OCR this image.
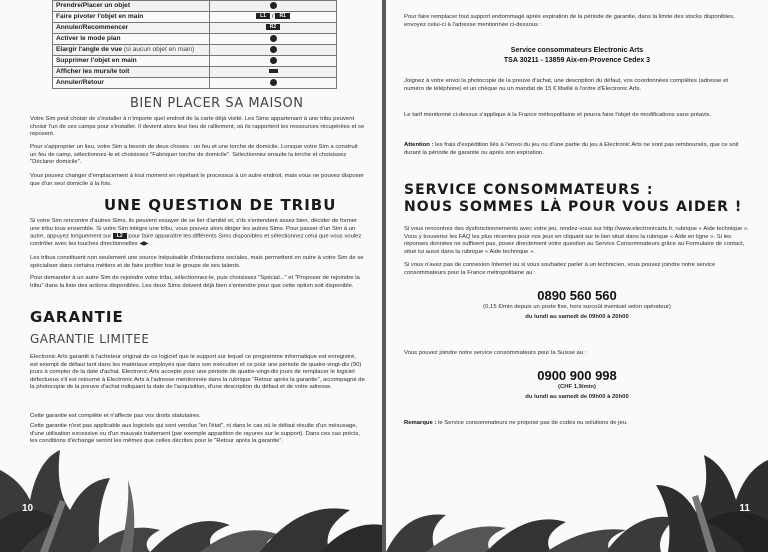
Prendre/Placer un objet	
Faire pivoter l'objet en main	L1 / R1
Annuler/Recommencer	R2
Activer le mode plan	
Elargir l'angle de vue (si aucun objet en main)	
Supprimer l'objet en main	
Afficher les murs/le toit	
Annuler/Retour	
BIEN PLACER SA MAISON

Votre Sim peut choisir de s'installer à n'importe quel endroit de la carte déjà visité. Les Sims appartenant à une tribu peuvent choisir l'un de ces camps pour s'installer. Il devient alors leur lieu de ralliement, où ils rapportent les ressources récupérées et se reposent.

Pour s'approprier un lieu, votre Sim a besoin de deux choses : un feu et une torche de domicile. Lorsque votre Sim a construit un feu de camp, sélectionnez-le et choisissez "Fabriquer torche de domicile". Sélectionnez ensuite la torche et choisissez "Déclarer domicile".

Vous pouvez changer d'emplacement à tout moment en répétant le processus à un autre endroit, mais vous ne pouvez disposer que d'un seul domicile à la fois.

UNE QUESTION DE TRIBU

Si votre Sim rencontre d'autres Sims, ils peuvent essayer de se lier d'amitié et, s'ils s'entendent assez bien, décider de former une tribu tous ensemble. Si votre Sim intègre une tribu, vous pouvez alors diriger les autres Sims. Pour passer d'un Sim à un autre, appuyez longuement sur L2 pour faire apparaître les différents Sims disponibles et sélectionnez celui que vous voulez contrôler avec les touches directionnelles ◀▶.

Les tribus constituent non seulement une source inépuisable d'interactions sociales, mais permettent en outre à votre Sim de se spécialiser dans certains métiers et de faire profiter tout le groupe de ses talents.

Pour demander à un autre Sim de rejoindre votre tribu, sélectionnez-le, puis choisissez "Spécial..." et "Proposer de rejoindre la tribu" dans la liste des actions disponibles. Les deux Sims doivent déjà bien s'entendre pour que cette option soit disponible.

GARANTIE
GARANTIE LIMITEE

Electronic Arts garantit à l'acheteur original de ce logiciel que le support sur lequel ce programme informatique est enregistré, est exempt de défaut tant dans les matériaux employés que dans son exécution et ce pour une période de quatre-vingt-dix (90) jours à compter de la date d'achat. Electronic Arts accepte pour une période de quatre-vingt-dix jours de remplacer le logiciel défectueux s'il est retourné à Electronic Arts à l'adresse mentionnée dans la rubrique "Retour après la garantie", accompagné de la photocopie de la preuve d'achat indiquant la date de l'acquisition, d'une description du défaut et de votre adresse.

Cette garantie est complète et n'affecte pas vos droits statutaires.

Cette garantie n'est pas applicable aux logiciels qui sont vendus "en l'état", ni dans le cas où le défaut résulte d'un mésusage, d'une utilisation excessive ou d'un mauvais traitement (par exemple apparition de rayures sur le support). Dans ces cas précis, les conditions d'échange seront les mêmes que celles décrites pour le "Retour après la garantie".

10

Pour faire remplacer tout support endommagé après expiration de la période de garantie, dans la limite des stocks disponibles, envoyez celui-ci à l'adresse mentionnée ci-dessous :

Service consommateurs Electronic Arts
TSA 30211 - 13859 Aix-en-Provence Cedex 3

Joignez à votre envoi la photocopie de la preuve d'achat, une description du défaut, vos coordonnées complètes (adresse et numéro de téléphone) et un chèque ou un mandat de 15 € libellé à l'ordre d'Electronic Arts.

Le tarif mentionné ci-dessus s'applique à la France métropolitaine et pourra faire l'objet de modifications sans préavis.

Attention : les frais d'expédition liés à l'envoi du jeu ou d'une partie du jeu à Electronic Arts ne sont pas remboursés, que ce soit durant la période de garantie ou après son expiration.

SERVICE CONSOMMATEURS :
NOUS SOMMES LÀ POUR VOUS AIDER !

Si vous rencontrez des dysfonctionnements avec votre jeu, rendez-vous sur http://www.electronicarts.fr, rubrique « Aide technique ». Vous y trouverez les FAQ les plus récentes pour nos jeux en cliquant sur le lien situé dans la rubrique « Aide en ligne ». Si les réponses données ne suffisent pas, posez directement votre question au Service Consommateurs grâce au Formulaire de contact, situé lui aussi dans la rubrique « Aide technique ».

Si vous n'avez pas de connexion Internet ou si vous souhaitez parler à un technicien, vous pouvez joindre notre service consommateurs pour la France métropolitaine au :

0890 560 560
(0,15 €/min depuis un poste fixe, hors surcoût éventuel selon opérateur)
du lundi au samedi de 09h00 à 20h00

Vous pouvez joindre notre service consommateurs pour la Suisse au :

0900 900 998
(CHF 1,9/min)
du lundi au samedi de 09h00 à 20h00

Remarque : le Service consommateurs ne propose pas de codes ou solutions de jeu.

11
